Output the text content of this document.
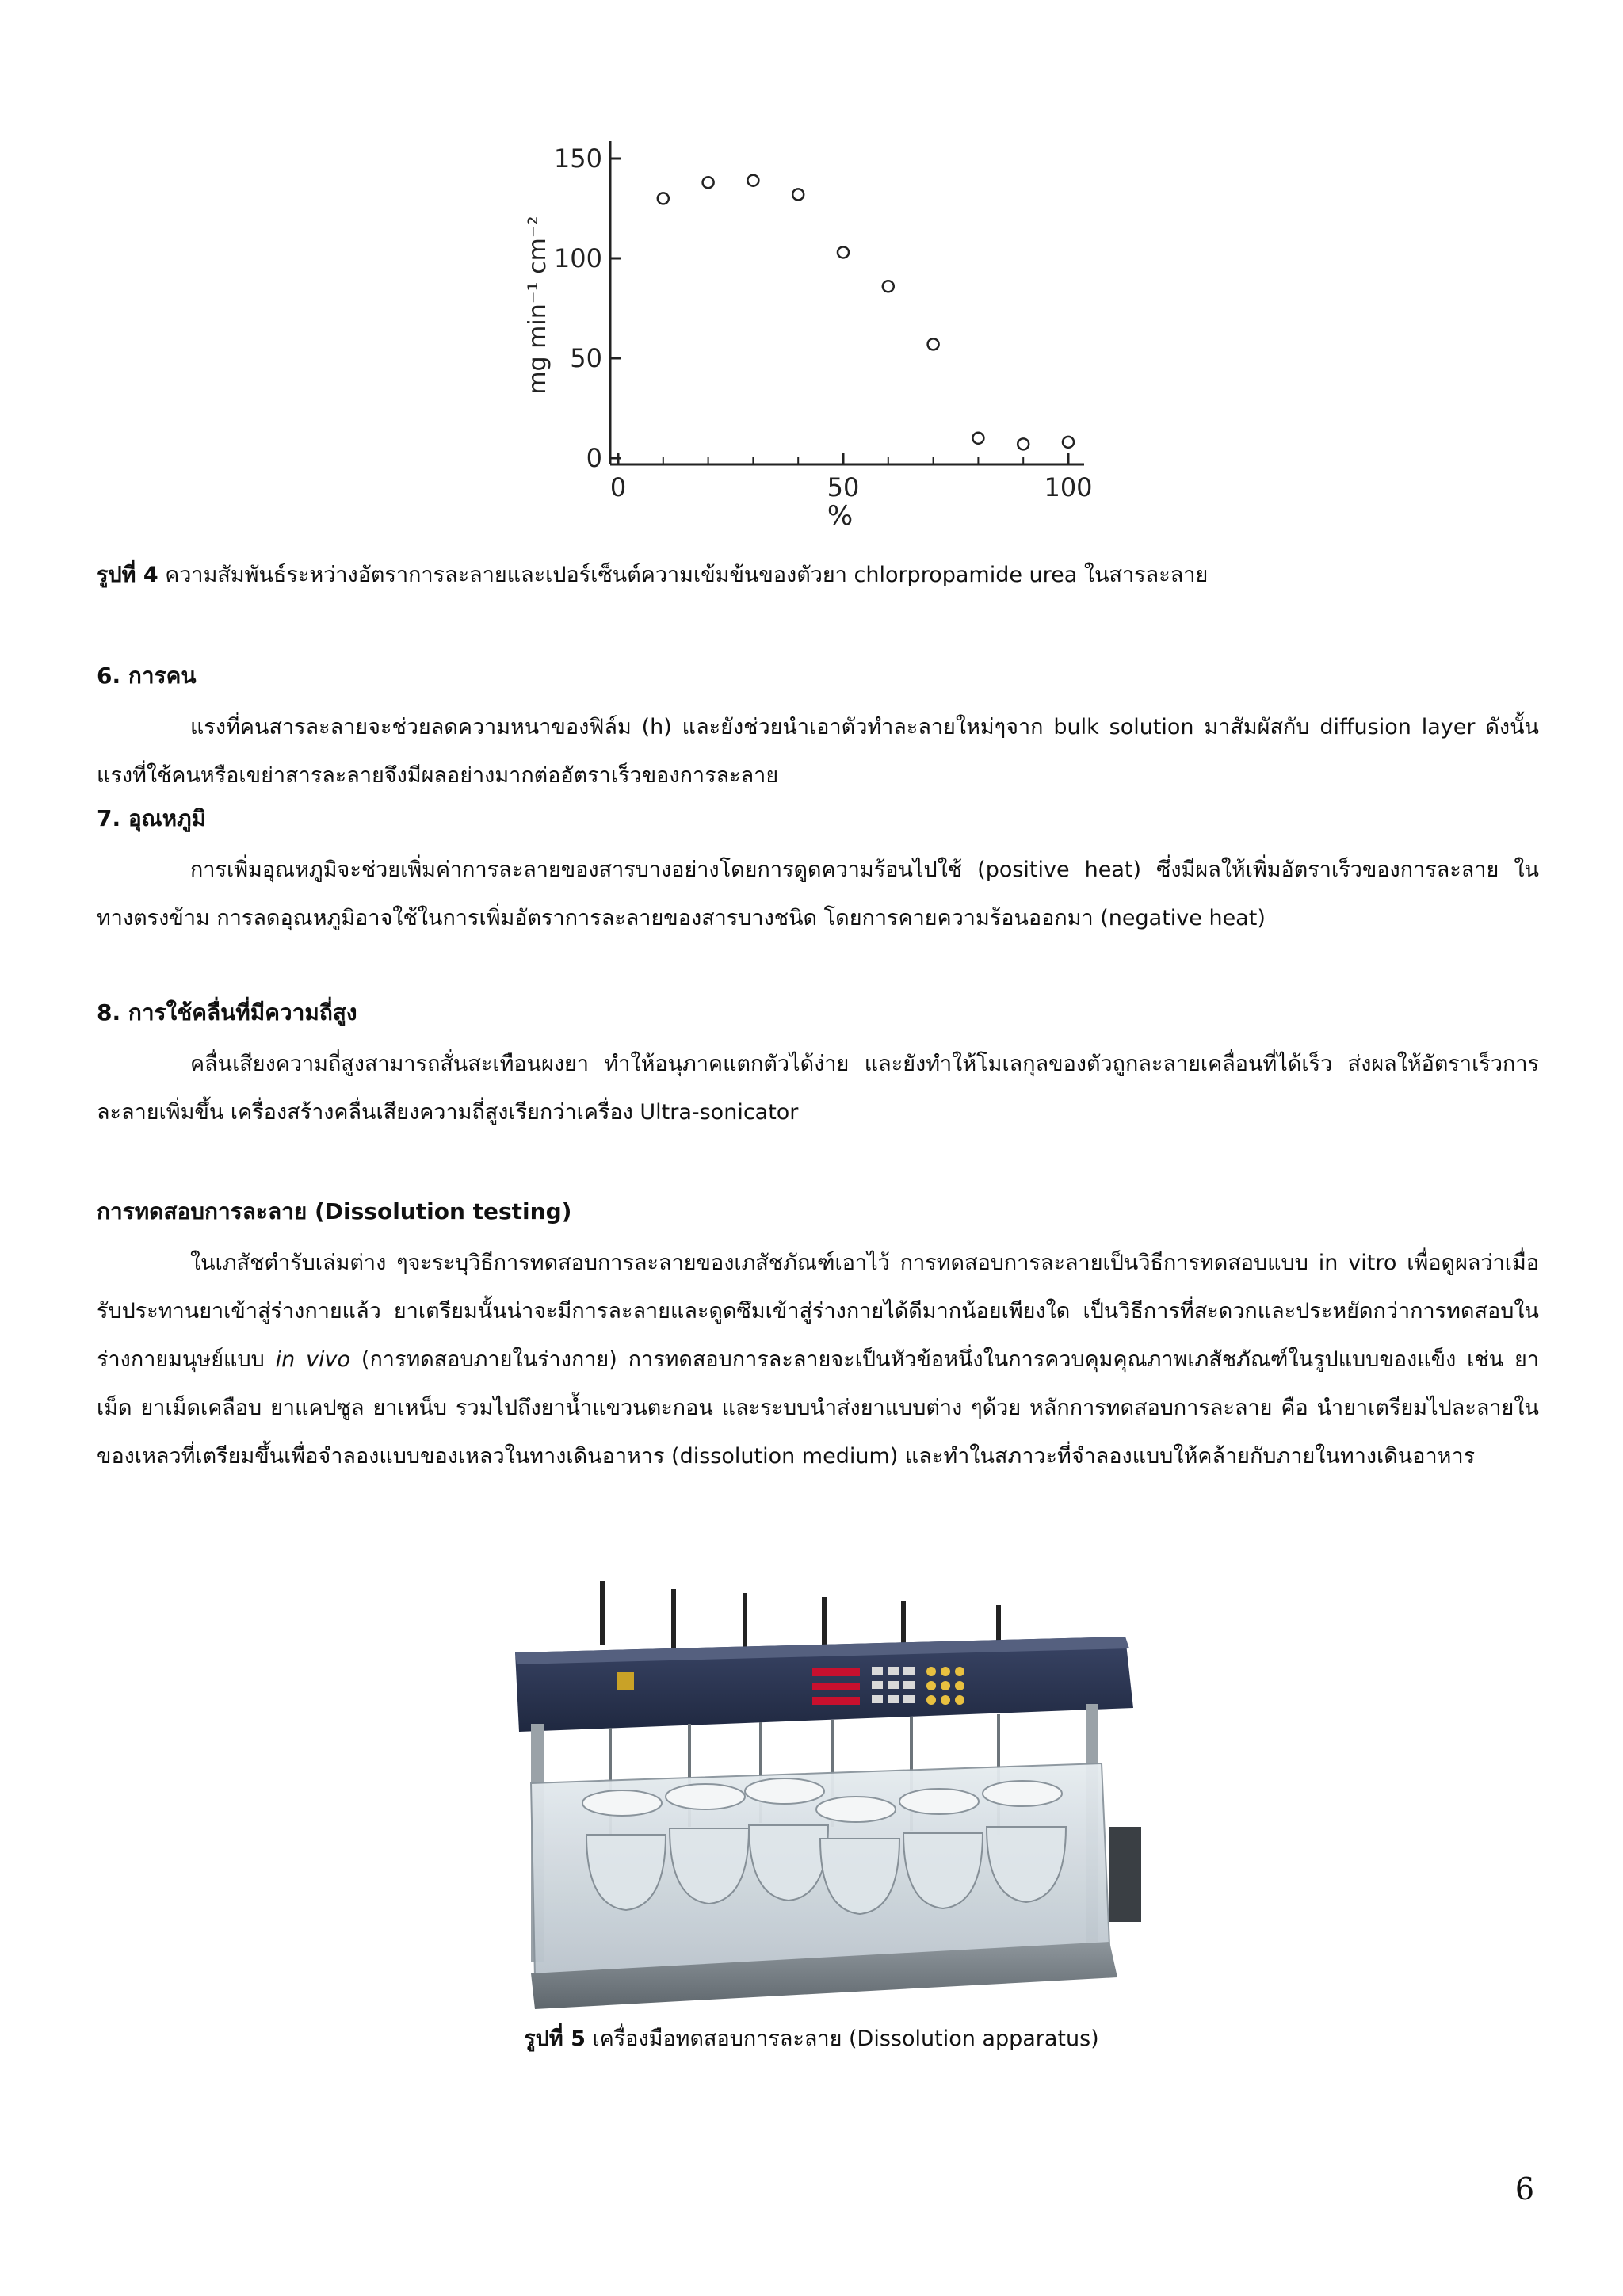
0
50
100
150
0	50	100
%
mg min⁻¹ cm⁻²
รูปที่ 4 ความสัมพันธ์ระหว่างอัตราการละลายและเปอร์เซ็นต์ความเข้มข้นของตัวยา chlorpropamide urea ในสารละลาย
6. การคน

แรงที่คนสารละลายจะช่วยลดความหนาของฟิล์ม (h) และยังช่วยนำเอาตัวทำละลายใหม่ๆจาก bulk solution มาสัมผัสกับ diffusion layer ดังนั้นแรงที่ใช้คนหรือเขย่าสารละลายจึงมีผลอย่างมากต่ออัตราเร็วของการละลาย

7. อุณหภูมิ

การเพิ่มอุณหภูมิจะช่วยเพิ่มค่าการละลายของสารบางอย่างโดยการดูดความร้อนไปใช้ (positive heat) ซึ่งมีผลให้เพิ่มอัตราเร็วของการละลาย ในทางตรงข้าม การลดอุณหภูมิอาจใช้ในการเพิ่มอัตราการละลายของสารบางชนิด โดยการคายความร้อนออกมา (negative heat)

8. การใช้คลื่นที่มีความถี่สูง

คลื่นเสียงความถี่สูงสามารถสั่นสะเทือนผงยา ทำให้อนุภาคแตกตัวได้ง่าย และยังทำให้โมเลกุลของตัวถูกละลายเคลื่อนที่ได้เร็ว ส่งผลให้อัตราเร็วการละลายเพิ่มขึ้น เครื่องสร้างคลื่นเสียงความถี่สูงเรียกว่าเครื่อง Ultra-sonicator

การทดสอบการละลาย (Dissolution testing)

ในเภสัชตำรับเล่มต่าง ๆจะระบุวิธีการทดสอบการละลายของเภสัชภัณฑ์เอาไว้ การทดสอบการละลายเป็นวิธีการทดสอบแบบ in vitro เพื่อดูผลว่าเมื่อรับประทานยาเข้าสู่ร่างกายแล้ว ยาเตรียมนั้นน่าจะมีการละลายและดูดซึมเข้าสู่ร่างกายได้ดีมากน้อยเพียงใด เป็นวิธีการที่สะดวกและประหยัดกว่าการทดสอบในร่างกายมนุษย์แบบ in vivo (การทดสอบภายในร่างกาย) การทดสอบการละลายจะเป็นหัวข้อหนึ่งในการควบคุมคุณภาพเภสัชภัณฑ์ในรูปแบบของแข็ง เช่น ยาเม็ด ยาเม็ดเคลือบ ยาแคปซูล ยาเหน็บ รวมไปถึงยาน้ำแขวนตะกอน และระบบนำส่งยาแบบต่าง ๆด้วย หลักการทดสอบการละลาย คือ นำยาเตรียมไปละลายในของเหลวที่เตรียมขึ้นเพื่อจำลองแบบของเหลวในทางเดินอาหาร (dissolution medium) และทำในสภาวะที่จำลองแบบให้คล้ายกับภายในทางเดินอาหาร

รูปที่ 5 เครื่องมือทดสอบการละลาย (Dissolution apparatus)
6
